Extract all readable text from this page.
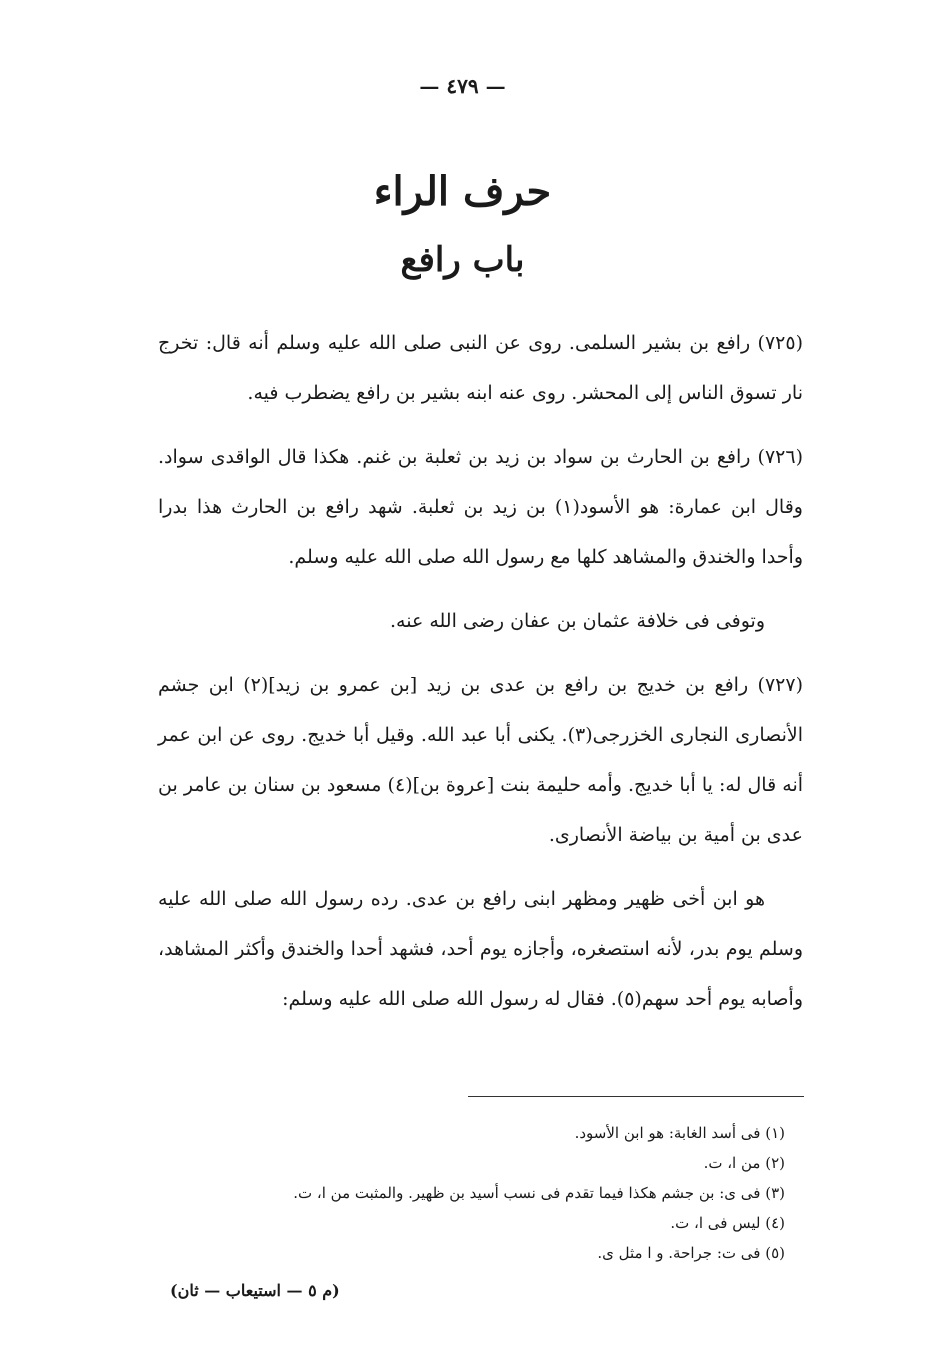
— ٤٧٩ —
حرف الراء
باب رافع

(٧٢٥) رافع بن بشير السلمى. روى عن النبى صلى الله عليه وسلم أنه قال: تخرج نار تسوق الناس إلى المحشر. روى عنه ابنه بشير بن رافع يضطرب فيه.

(٧٢٦) رافع بن الحارث بن سواد بن زيد بن ثعلبة بن غنم. هكذا قال الواقدى سواد. وقال ابن عمارة: هو الأسود(١) بن زيد بن ثعلبة. شهد رافع بن الحارث هذا بدرا وأحدا والخندق والمشاهد كلها مع رسول الله صلى الله عليه وسلم.

وتوفى فى خلافة عثمان بن عفان رضى الله عنه.

(٧٢٧) رافع بن خديج بن رافع بن عدى بن زيد [بن عمرو بن زيد](٢) ابن جشم الأنصارى النجارى الخزرجى(٣). يكنى أبا عبد الله. وقيل أبا خديج. روى عن ابن عمر أنه قال له: يا أبا خديج. وأمه حليمة بنت [عروة بن](٤) مسعود بن سنان بن عامر بن عدى بن أمية بن بياضة الأنصارى.

هو ابن أخى ظهير ومظهر ابنى رافع بن عدى. رده رسول الله صلى الله عليه وسلم يوم بدر، لأنه استصغره، وأجازه يوم أحد، فشهد أحدا والخندق وأكثر المشاهد، وأصابه يوم أحد سهم(٥). فقال له رسول الله صلى الله عليه وسلم:

(١) فى أسد الغابة: هو ابن الأسود.

(٢) من ا، ت.

(٣) فى ى: بن جشم هكذا فيما تقدم فى نسب أسيد بن ظهير. والمثبت من ا، ت.

(٤) ليس فى ا، ت.

(٥) فى ت: جراحة. و ا مثل ى.

(م ٥ — استيعاب — ثان)
